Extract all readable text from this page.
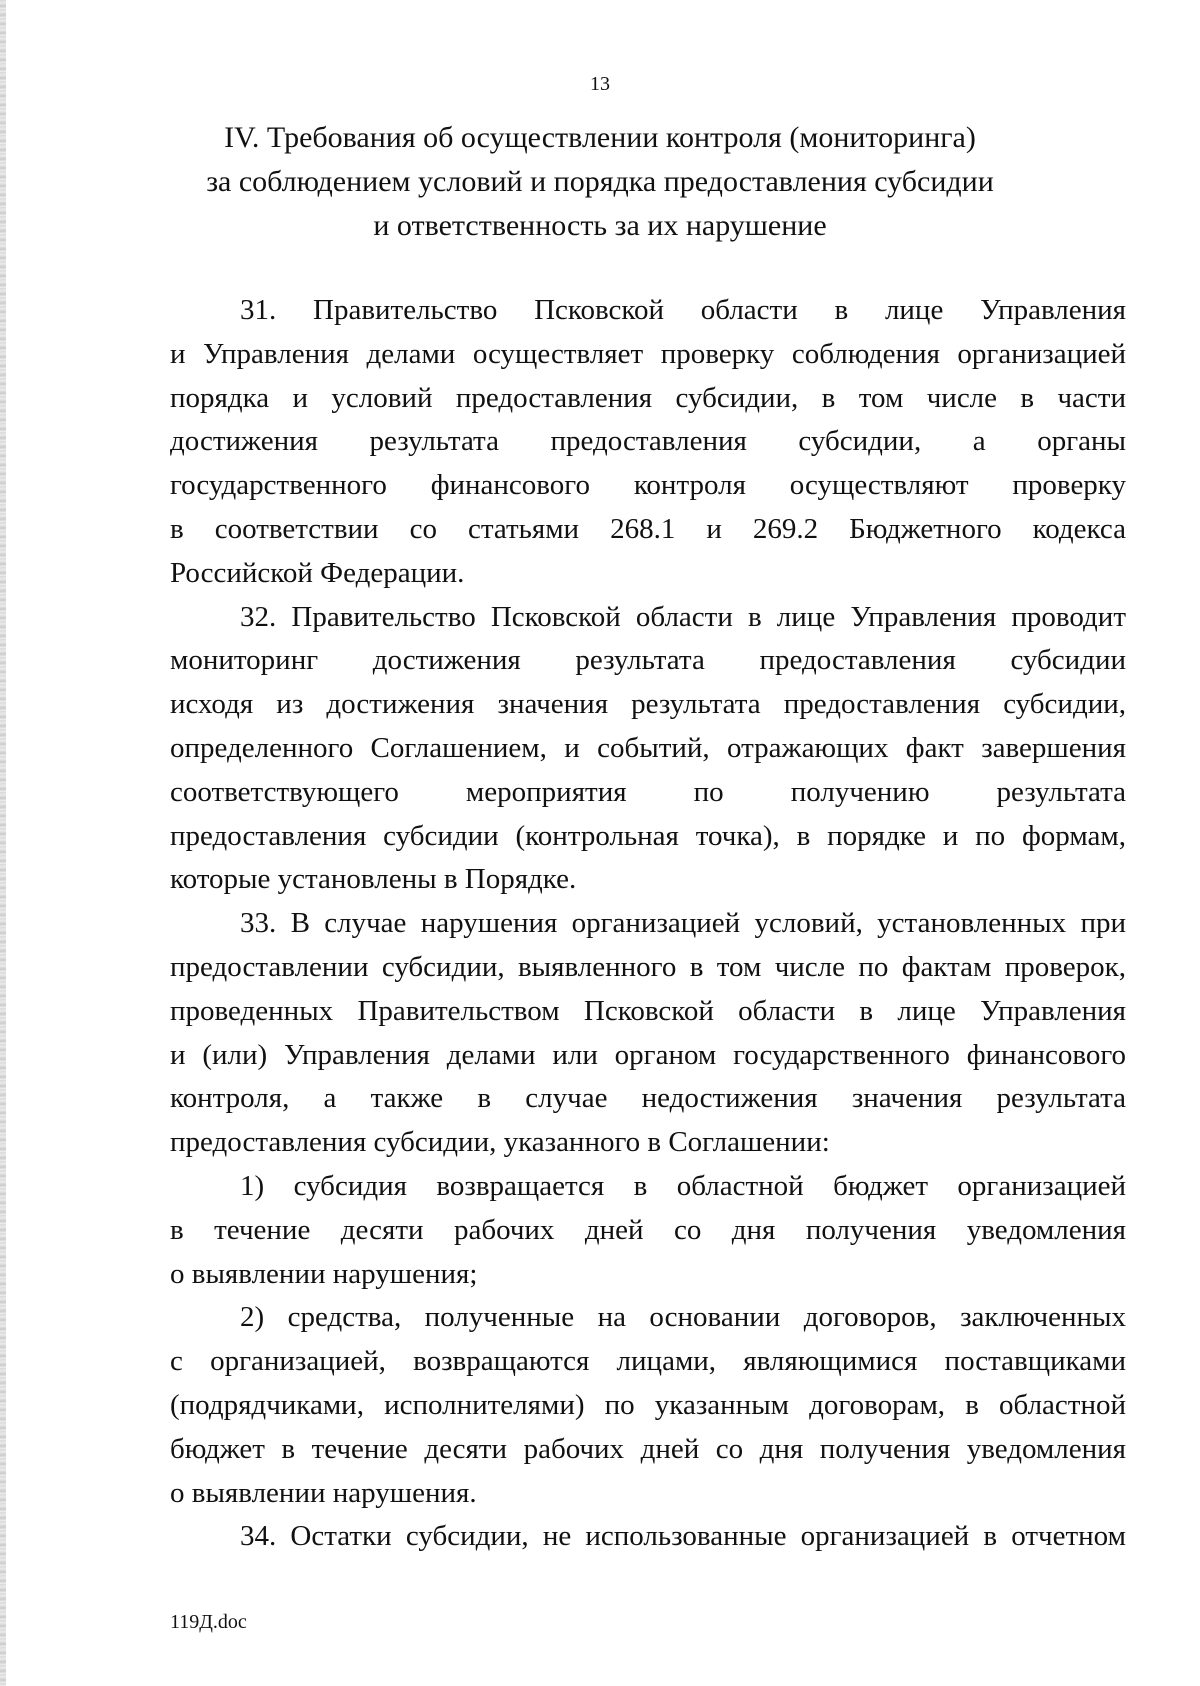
13
IV. Требования об осуществлении контроля (мониторинга)
за соблюдением условий и порядка предоставления субсидии
и ответственность за их нарушение
31. Правительство Псковской области в лице Управления
и Управления делами осуществляет проверку соблюдения организацией
порядка и условий предоставления субсидии, в том числе в части
достижения результата предоставления субсидии, а органы
государственного финансового контроля осуществляют проверку
в соответствии со статьями 268.1 и 269.2 Бюджетного кодекса
Российской Федерации.
32. Правительство Псковской области в лице Управления проводит
мониторинг достижения результата предоставления субсидии
исходя из достижения значения результата предоставления субсидии,
определенного Соглашением, и событий, отражающих факт завершения
соответствующего мероприятия по получению результата
предоставления субсидии (контрольная точка), в порядке и по формам,
которые установлены в Порядке.
33. В случае нарушения организацией условий, установленных при
предоставлении субсидии, выявленного в том числе по фактам проверок,
проведенных Правительством Псковской области в лице Управления
и (или) Управления делами или органом государственного финансового
контроля, а также в случае недостижения значения результата
предоставления субсидии, указанного в Соглашении:
1) субсидия возвращается в областной бюджет организацией
в течение десяти рабочих дней со дня получения уведомления
о выявлении нарушения;
2) средства, полученные на основании договоров, заключенных
с организацией, возвращаются лицами, являющимися поставщиками
(подрядчиками, исполнителями) по указанным договорам, в областной
бюджет в течение десяти рабочих дней со дня получения уведомления
о выявлении нарушения.
34. Остатки субсидии, не использованные организацией в отчетном
119Д.doc
